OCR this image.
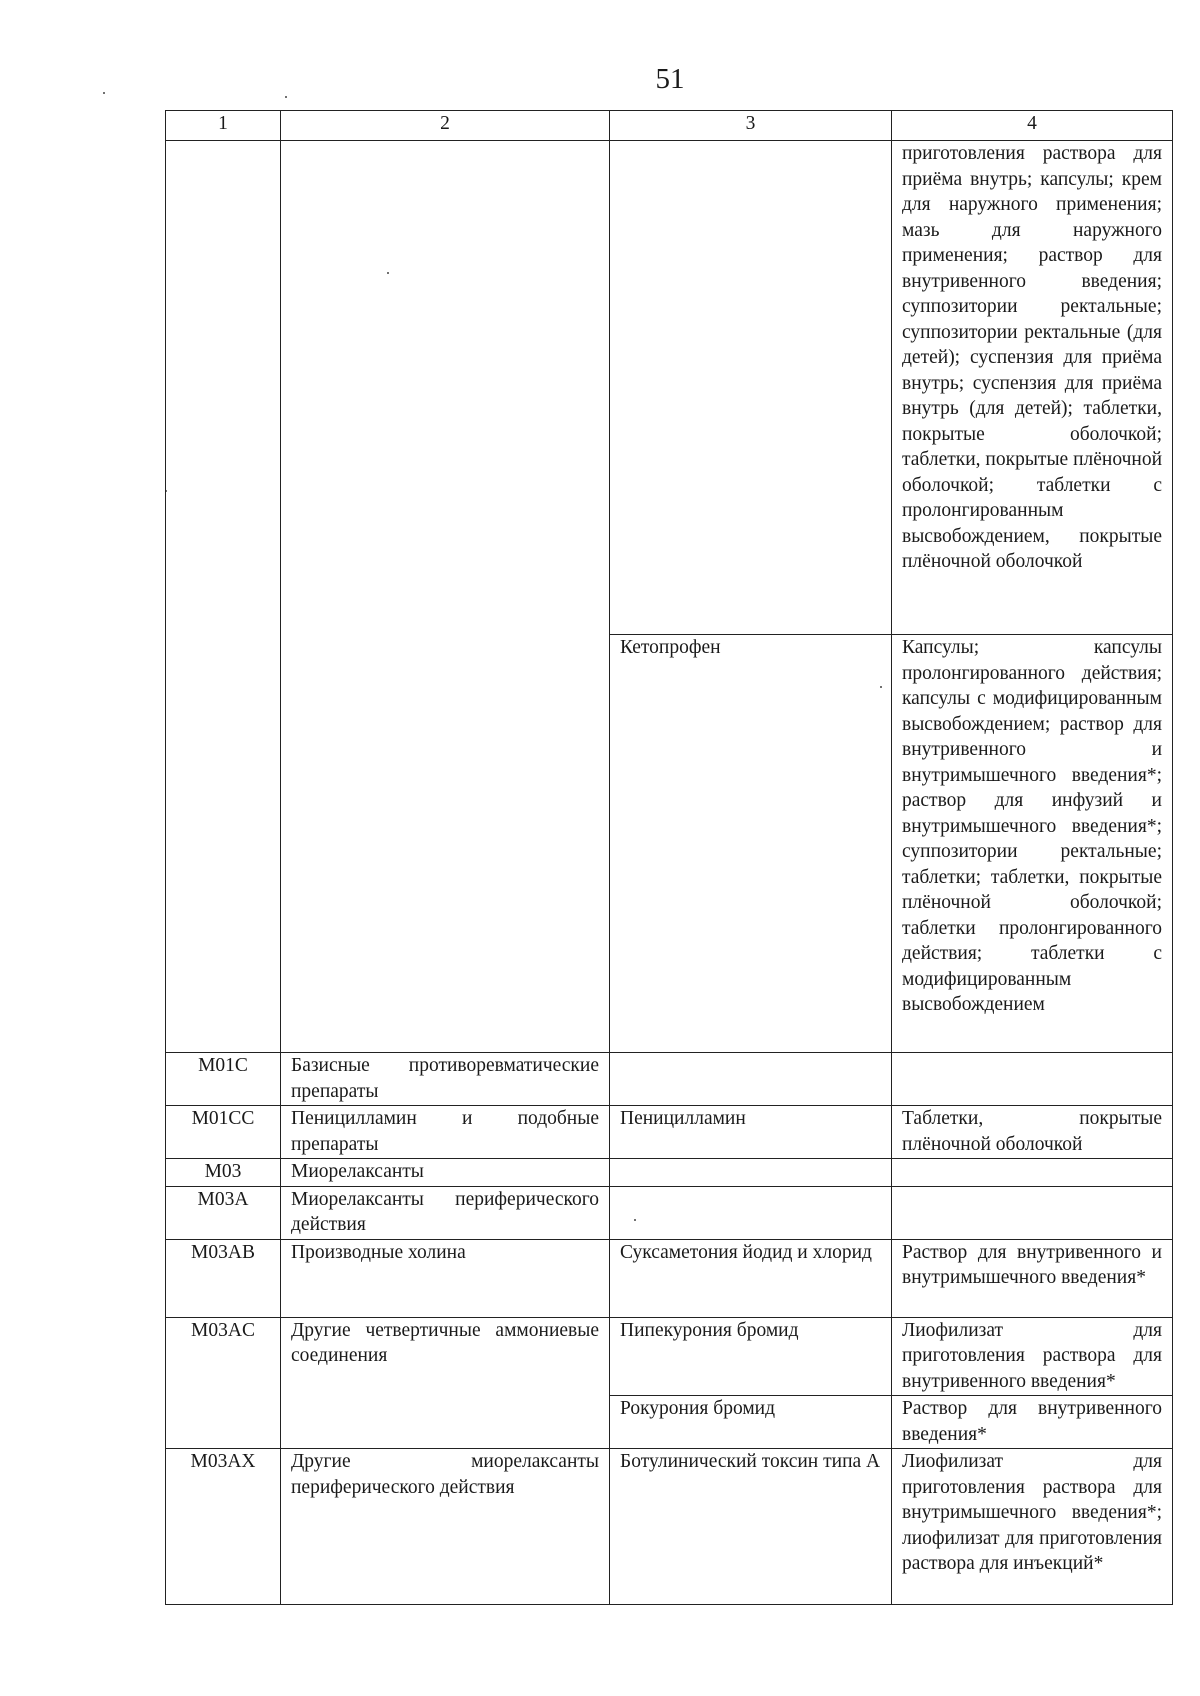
51
1	2	3	4

			приготовления раствора для приёма внутрь; капсулы; крем для наружного применения; мазь для наружного применения; раствор для внутривенного введения; суппозитории ректальные; суппозитории ректальные (для детей); суспензия для приёма внутрь; суспензия для приёма внутрь (для детей); таблетки, покрытые оболочкой; таблетки, покрытые плёночной оболочкой; таблетки с пролонгированным высвобождением, покрытые плёночной оболочкой

		Кетопрофен	Капсулы; капсулы пролонгированного действия; капсулы с модифицированным высвобождением; раствор для внутривенного и внутримышечного введения*; раствор для инфузий и внутримышечного введения*; суппозитории ректальные; таблетки; таблетки, покрытые плёночной оболочкой; таблетки пролонгированного действия; таблетки с модифицированным высвобождением

M01C	Базисные противоревматические препараты		

M01CC	Пеницилламин и подобные препараты	Пеницилламин	Таблетки, покрытые плёночной оболочкой

M03	Миорелаксанты		

M03A	Миорелаксанты периферического действия		

M03AB	Производные холина	Суксаметония йодид и хлорид	Раствор для внутривенного и внутримышечного введения*

M03AC	Другие четвертичные аммониевые соединения	Пипекурония бромид	Лиофилизат для приготовления раствора для внутривенного введения*

		Рокурония бромид	Раствор для внутривенного введения*

M03AX	Другие миорелаксанты периферического действия	Ботулинический токсин типа А	Лиофилизат для приготовления раствора для внутримышечного введения*; лиофилизат для приготовления раствора для инъекций*
